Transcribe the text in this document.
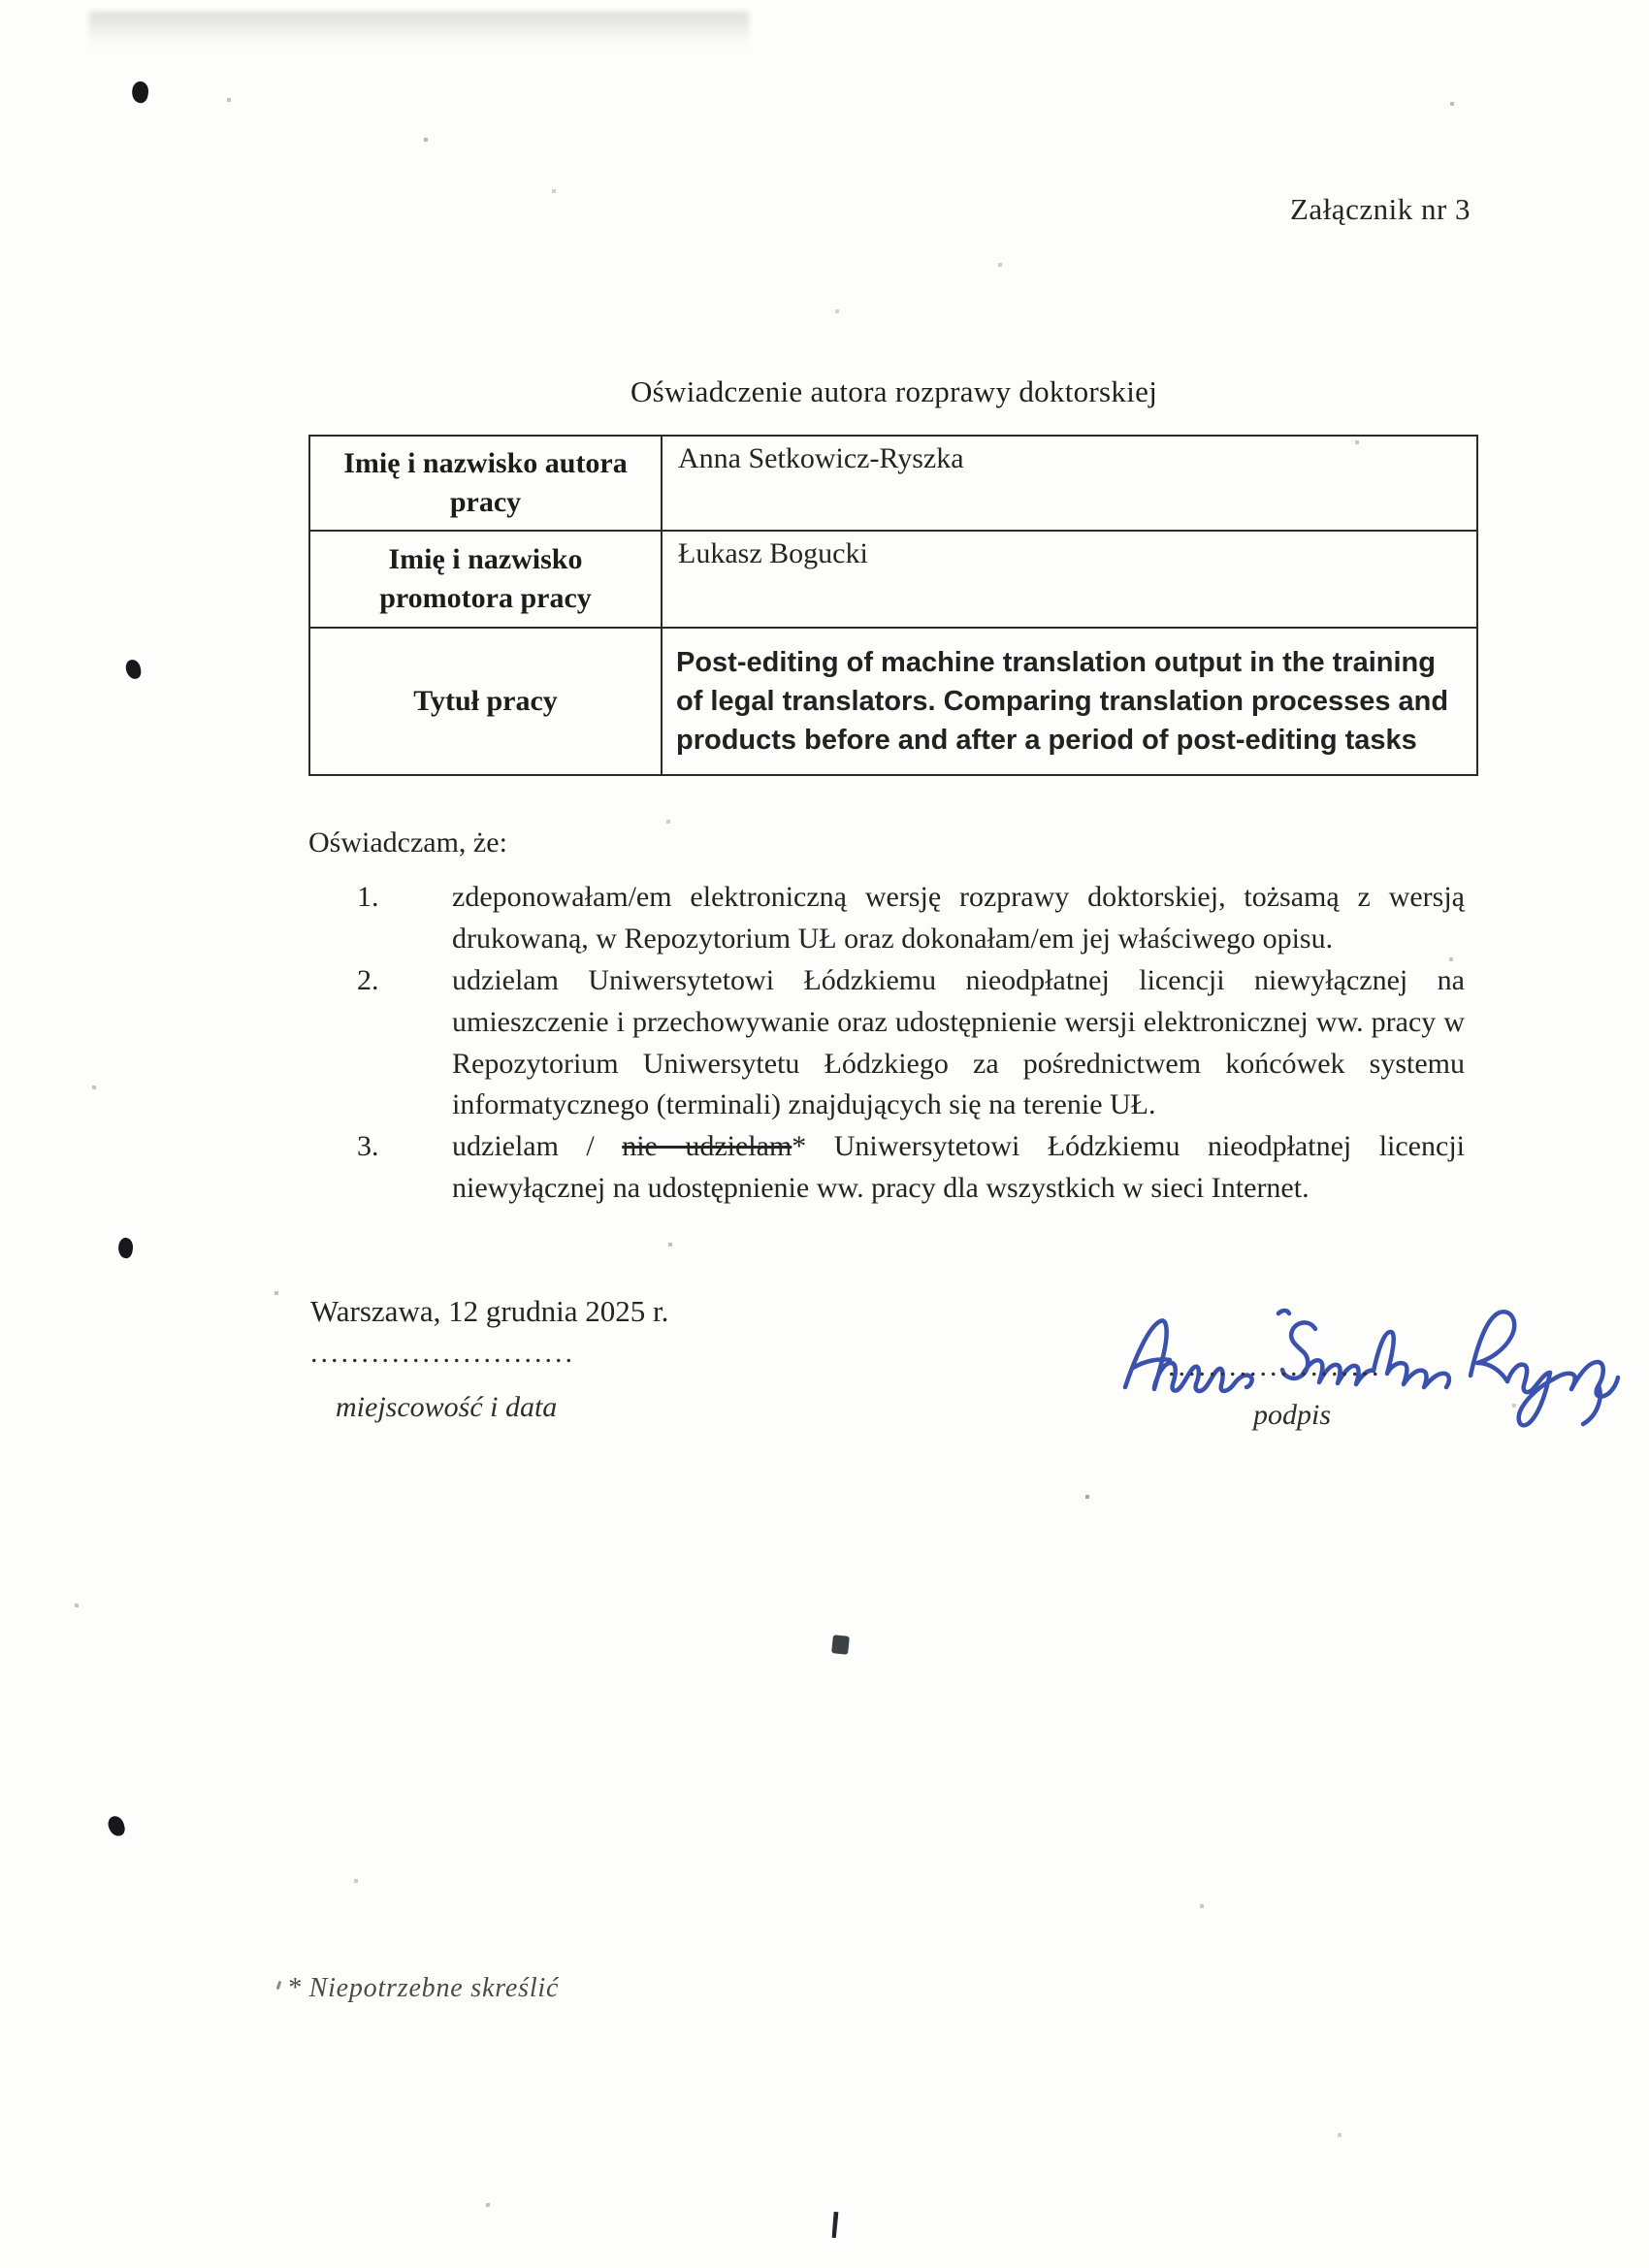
Załącznik nr 3
Oświadczenie autora rozprawy doktorskiej
Imię i nazwisko autora pracy	Anna Setkowicz-Ryszka
Imię i nazwisko promotora pracy	Łukasz Bogucki
Tytuł pracy	Post-editing of machine translation output in the training of legal translators. Comparing translation processes and products before and after a period of post-editing tasks

Oświadczam, że:

1.	zdeponowałam/em elektroniczną wersję rozprawy doktorskiej, tożsamą z wersją drukowaną, w Repozytorium UŁ oraz dokonałam/em jej właściwego opisu.

2.	udzielam Uniwersytetowi Łódzkiemu nieodpłatnej licencji niewyłącznej na umieszczenie i przechowywanie oraz udostępnienie wersji elektronicznej ww. pracy w Repozytorium Uniwersytetu Łódzkiego za pośrednictwem końcówek systemu informatycznego (terminali) znajdujących się na terenie UŁ.

3.	udzielam / nie udzielam* Uniwersytetowi Łódzkiemu nieodpłatnej licencji niewyłącznej na udostępnienie ww. pracy dla wszystkich w sieci Internet.

Warszawa, 12 grudnia 2025 r.
..........................
miejscowość i data
.....................
podpis
* Niepotrzebne skreślić
